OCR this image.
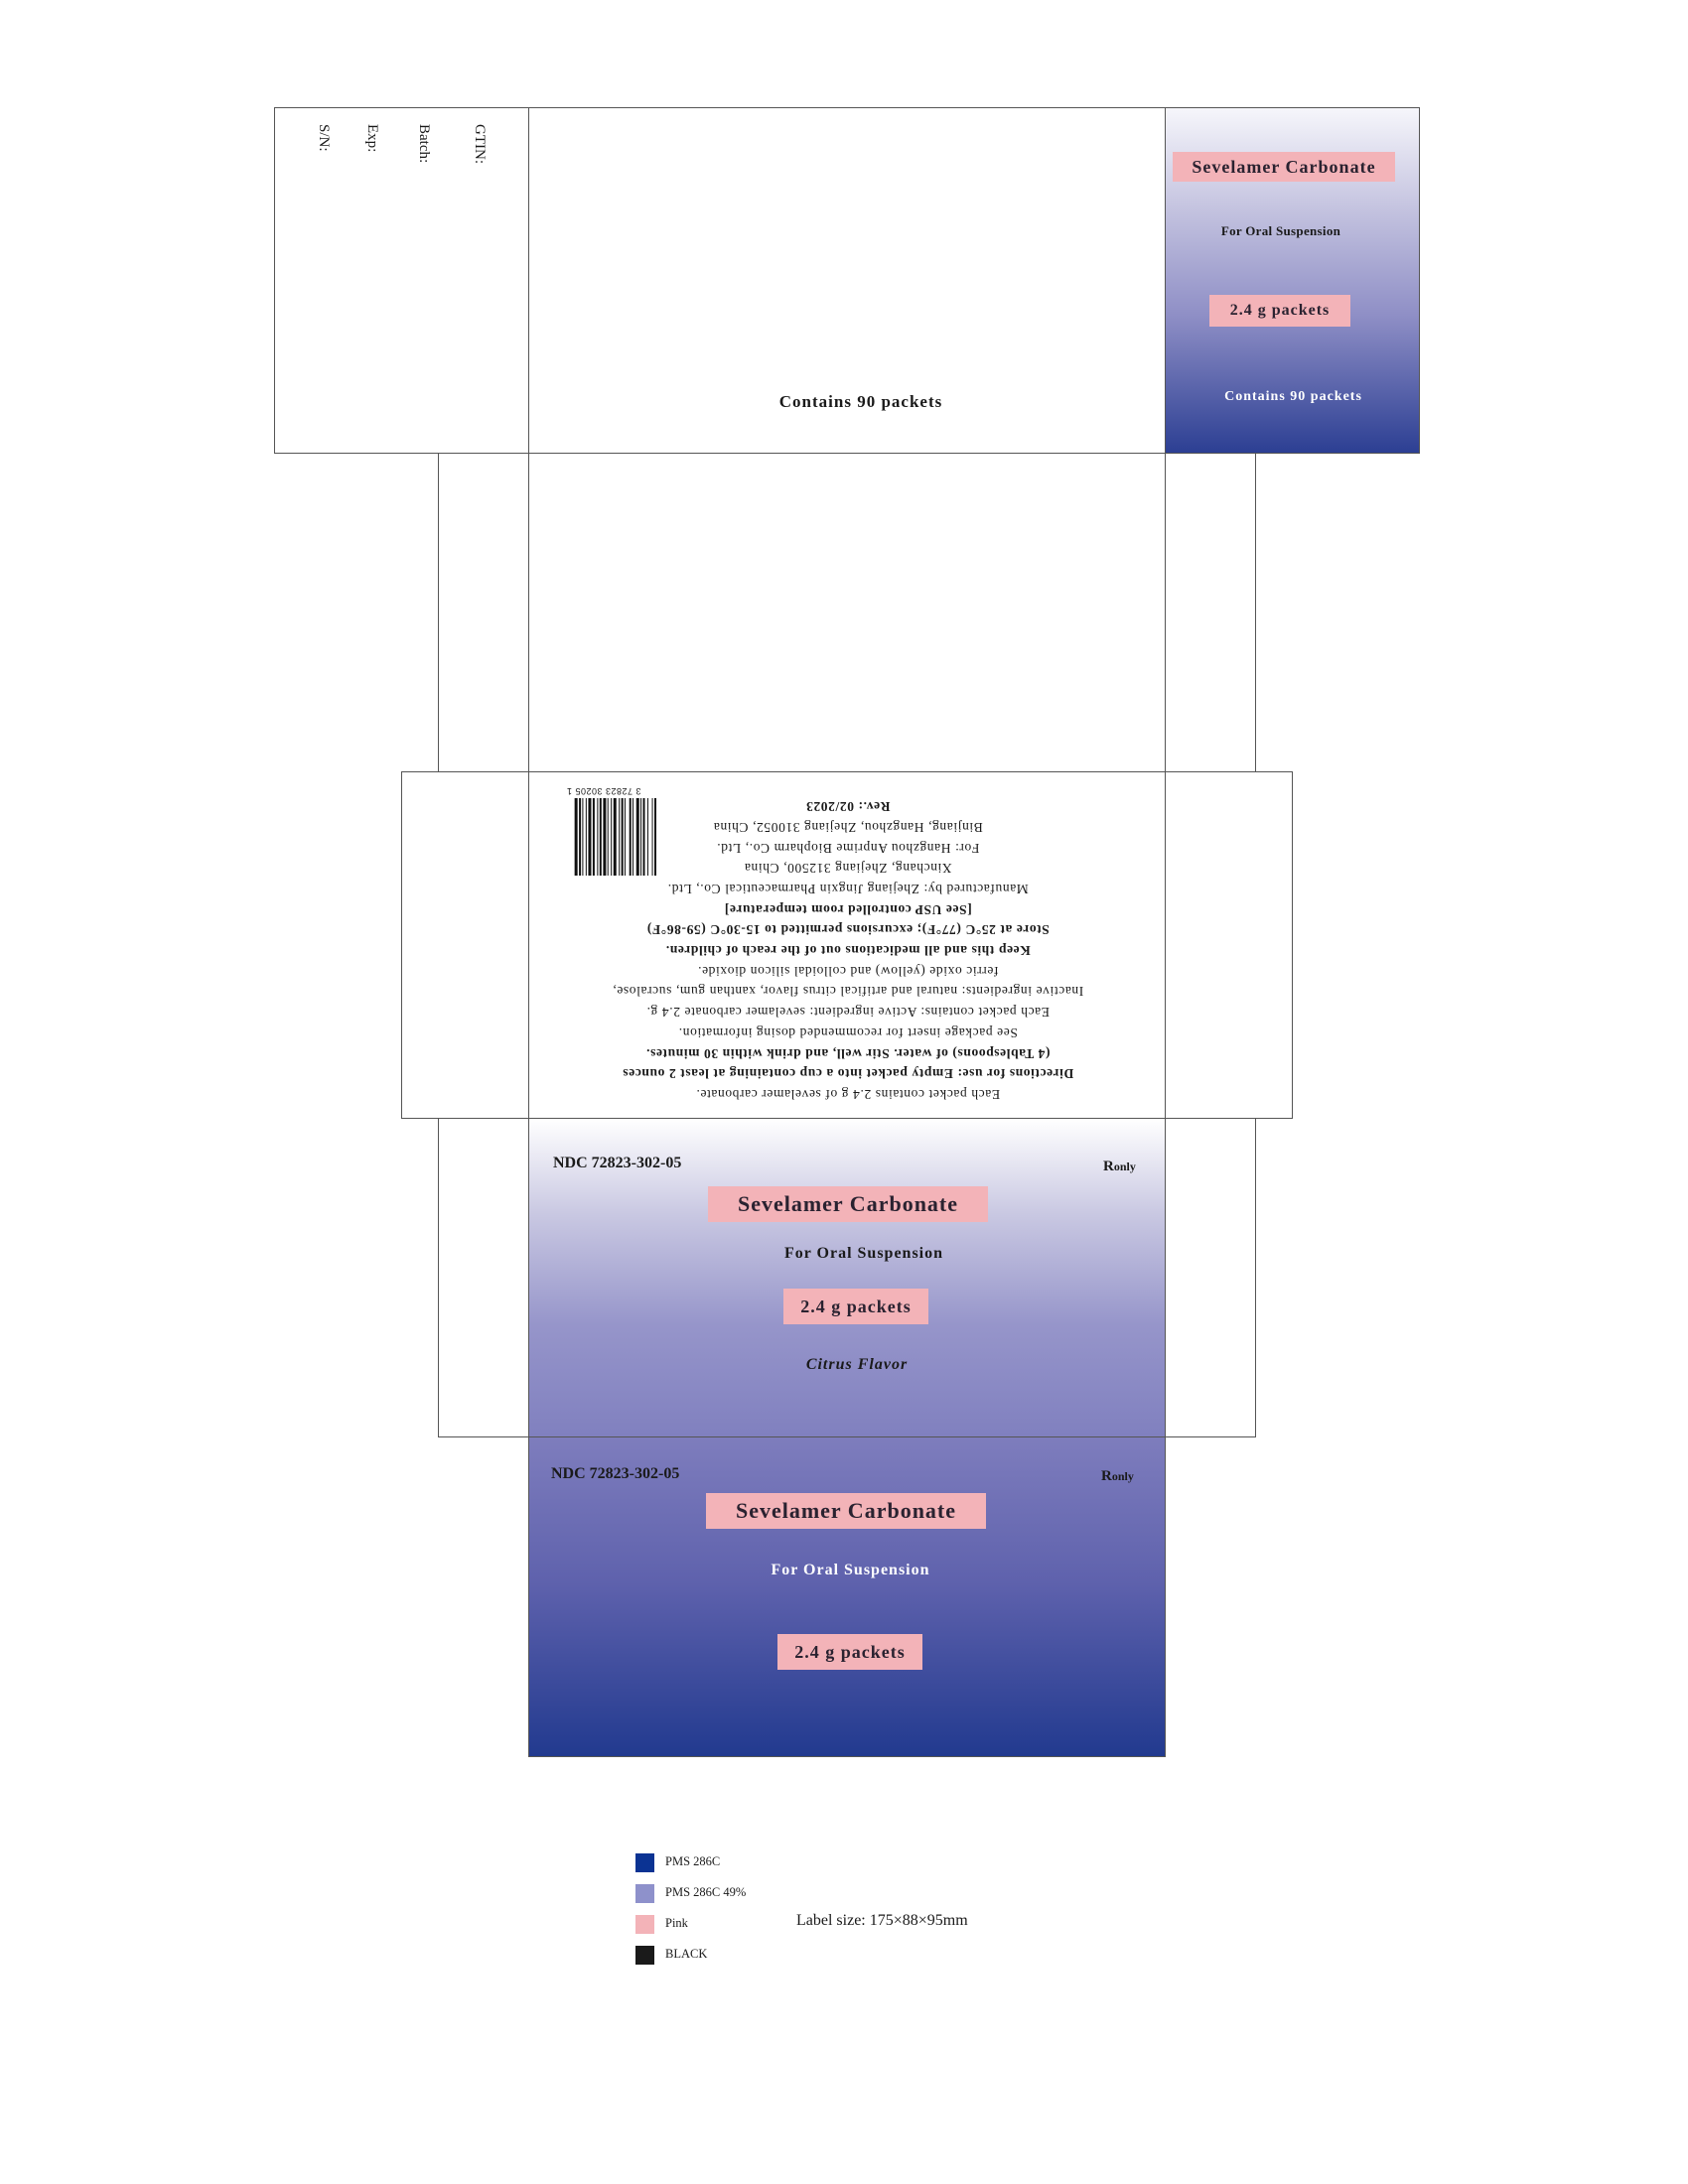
GTIN:
Batch:
Exp:
S/N:
Contains 90 packets
Sevelamer Carbonate
For Oral Suspension
2.4 g packets
Contains 90 packets

Each packet contains 2.4 g of sevelamer carbonate.

Directions for use: Empty packet into a cup containing at least 2 ounces

(4 Tablespoons) of water. Stir well, and drink within 30 minutes.

See package insert for recommended dosing information.

Each packet contains: Active ingredient: sevelamer carbonate 2.4 g.

Inactive ingredients: natural and artifical citrus flavor, xanthan gum, sucralose,

ferric oxide (yellow) and colloidal silicon dioxide.

Keep this and all medications out of the reach of children.

Store at 25°C (77°F); excursions permitted to 15-30°C (59-86°F)

[See USP controlled room temperature]

Manufactured by: Zhejiang Jingxin Pharmaceutical Co., Ltd.

Xinchang, Zhejiang 312500, China

For: Hangzhou Anprime Biopharm Co., Ltd.

Binjiang, Hangzhou, Zhejiang 310052, China

Rev.: 02/2023

3 72823 30205 1
NDC 72823-302-05	Ronly
Sevelamer Carbonate
For Oral Suspension
2.4 g packets
Citrus Flavor
NDC 72823-302-05	Ronly
Sevelamer Carbonate
For Oral Suspension
2.4 g packets
PMS 286C
PMS 286C 49%
Pink
BLACK
Label size: 175×88×95mm
